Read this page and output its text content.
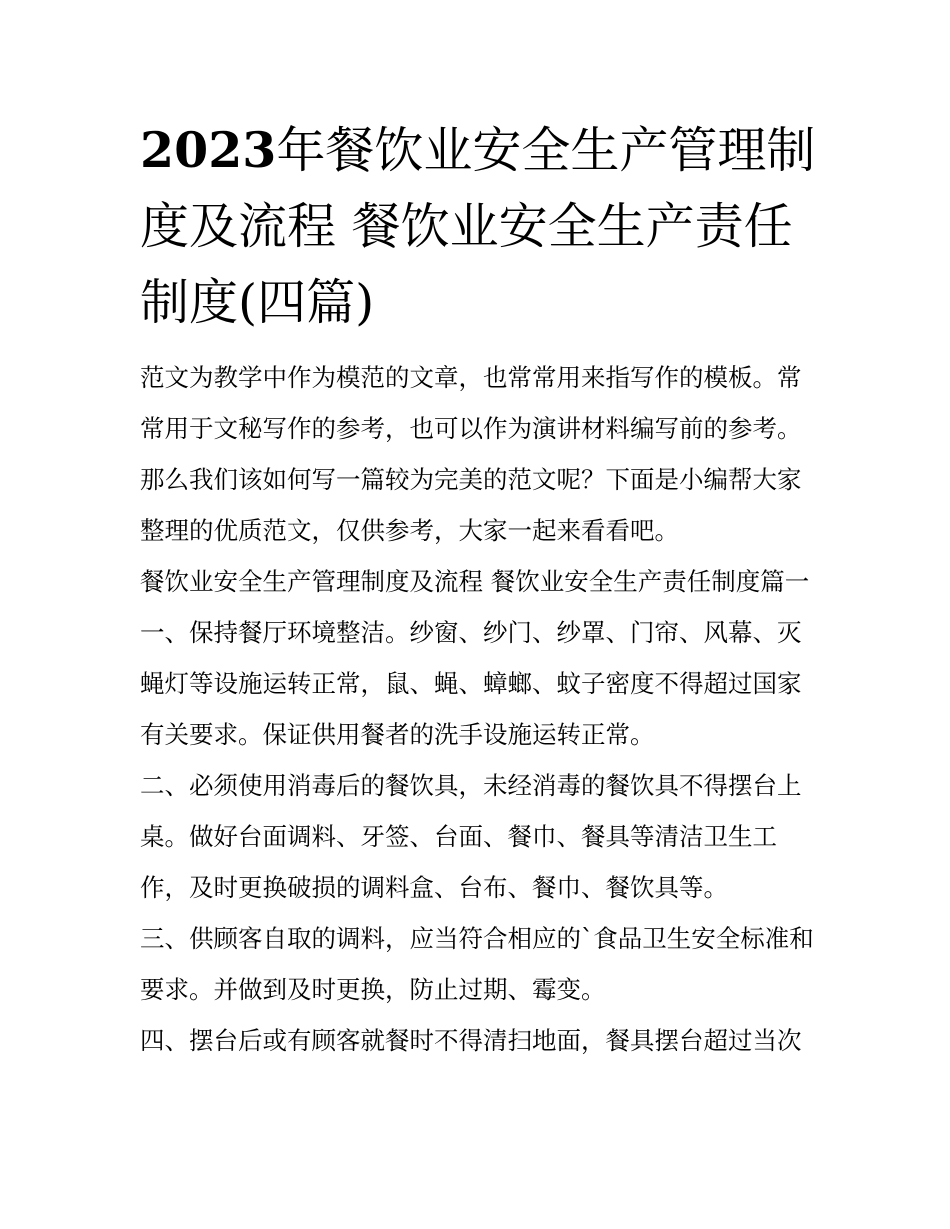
2023年餐饮业安全生产管理制度及流程 餐饮业安全生产责任制度(四篇)

范文为教学中作为模范的文章，也常常用来指写作的模板。常常用于文秘写作的参考，也可以作为演讲材料编写前的参考。那么我们该如何写一篇较为完美的范文呢？下面是小编帮大家整理的优质范文，仅供参考，大家一起来看看吧。

餐饮业安全生产管理制度及流程 餐饮业安全生产责任制度篇一

一、保持餐厅环境整洁。纱窗、纱门、纱罩、门帘、风幕、灭蝇灯等设施运转正常，鼠、蝇、蟑螂、蚊子密度不得超过国家有关要求。保证供用餐者的洗手设施运转正常。

二、必须使用消毒后的餐饮具，未经消毒的餐饮具不得摆台上桌。做好台面调料、牙签、台面、餐巾、餐具等清洁卫生工作，及时更换破损的调料盒、台布、餐巾、餐饮具等。

三、供顾客自取的调料，应当符合相应的`食品卫生安全标准和要求。并做到及时更换，防止过期、霉变。

四、摆台后或有顾客就餐时不得清扫地面，餐具摆台超过当次
